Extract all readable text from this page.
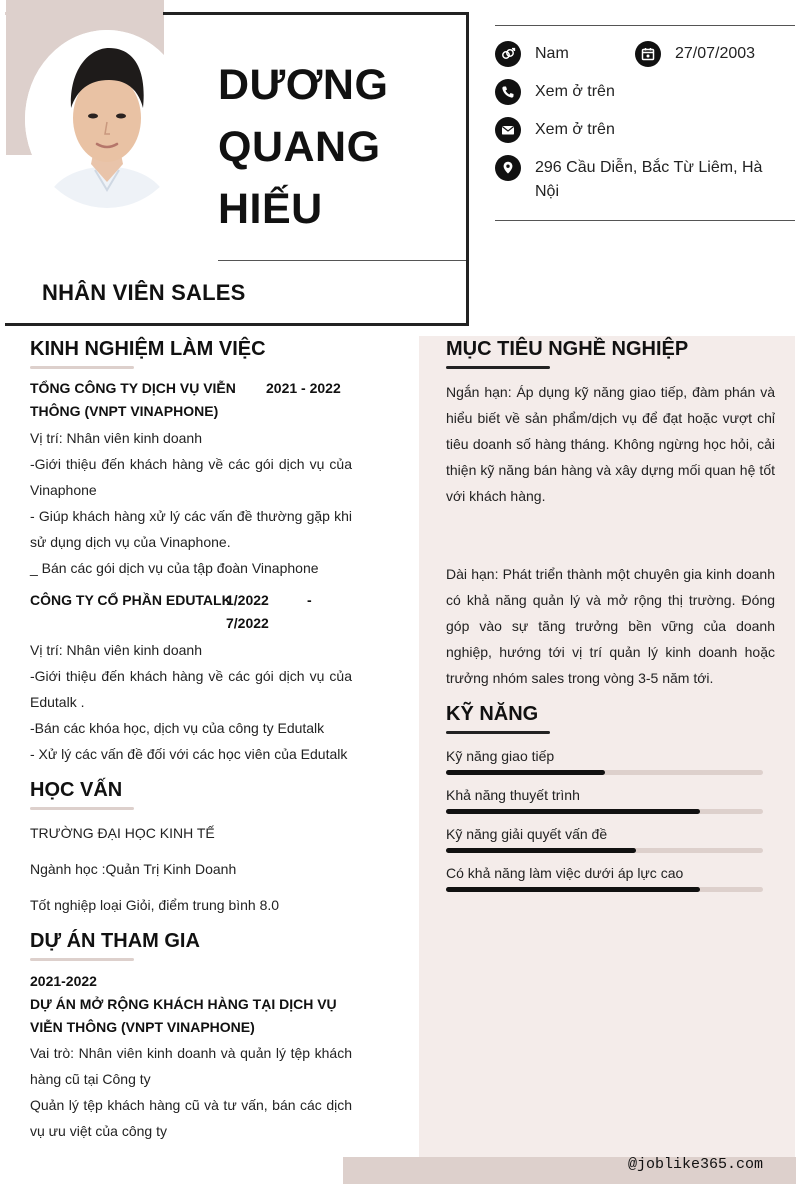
DƯƠNG
QUANG
HIẾU
NHÂN VIÊN SALES
Nam	27/07/2003
Xem ở trên
Xem ở trên
296 Cầu Diễn, Bắc Từ Liêm, Hà Nội
@joblike365.com
KINH NGHIỆM LÀM VIỆC
TỔNG CÔNG TY DỊCH VỤ VIỄN THÔNG (VNPT VINAPHONE)
2021 - 2022
Vị trí: Nhân viên kinh doanh
-Giới thiệu đến khách hàng về các gói dịch vụ của Vinaphone
- Giúp khách hàng xử lý các vấn đề thường gặp khi sử dụng dịch vụ của Vinaphone.
_ Bán các gói dịch vụ của tập đoàn Vinaphone
CÔNG TY CỔ PHẦN EDUTALK
1/2022	-
7/2022
Vị trí: Nhân viên kinh doanh
-Giới thiệu đến khách hàng về các gói dịch vụ của Edutalk .
-Bán các khóa học, dịch vụ của công ty Edutalk
- Xử lý các vấn đề đối với các học viên của Edutalk
HỌC VẤN
TRƯỜNG ĐẠI HỌC KINH TẾ
Ngành học :Quản Trị Kinh Doanh
Tốt nghiệp loại Giỏi, điểm trung bình 8.0
DỰ ÁN THAM GIA
2021-2022
DỰ ÁN MỞ RỘNG KHÁCH HÀNG TẠI DỊCH VỤ VIỄN THÔNG (VNPT VINAPHONE)
Vai trò: Nhân viên kinh doanh và quản lý tệp khách hàng cũ tại Công ty
Quản lý tệp khách hàng cũ và tư vấn, bán các dịch vụ ưu việt của công ty
MỤC TIÊU NGHỀ NGHIỆP
Ngắn hạn: Áp dụng kỹ năng giao tiếp, đàm phán và hiểu biết về sản phẩm/dịch vụ để đạt hoặc vượt chỉ tiêu doanh số hàng tháng. Không ngừng học hỏi, cải thiện kỹ năng bán hàng và xây dựng mối quan hệ tốt với khách hàng.
Dài hạn: Phát triển thành một chuyên gia kinh doanh có khả năng quản lý và mở rộng thị trường. Đóng góp vào sự tăng trưởng bền vững của doanh nghiệp, hướng tới vị trí quản lý kinh doanh hoặc trưởng nhóm sales trong vòng 3-5 năm tới.
KỸ NĂNG
Kỹ năng giao tiếp
Khả năng thuyết trình
Kỹ năng giải quyết vấn đề
Có khả năng làm việc dưới áp lực cao
